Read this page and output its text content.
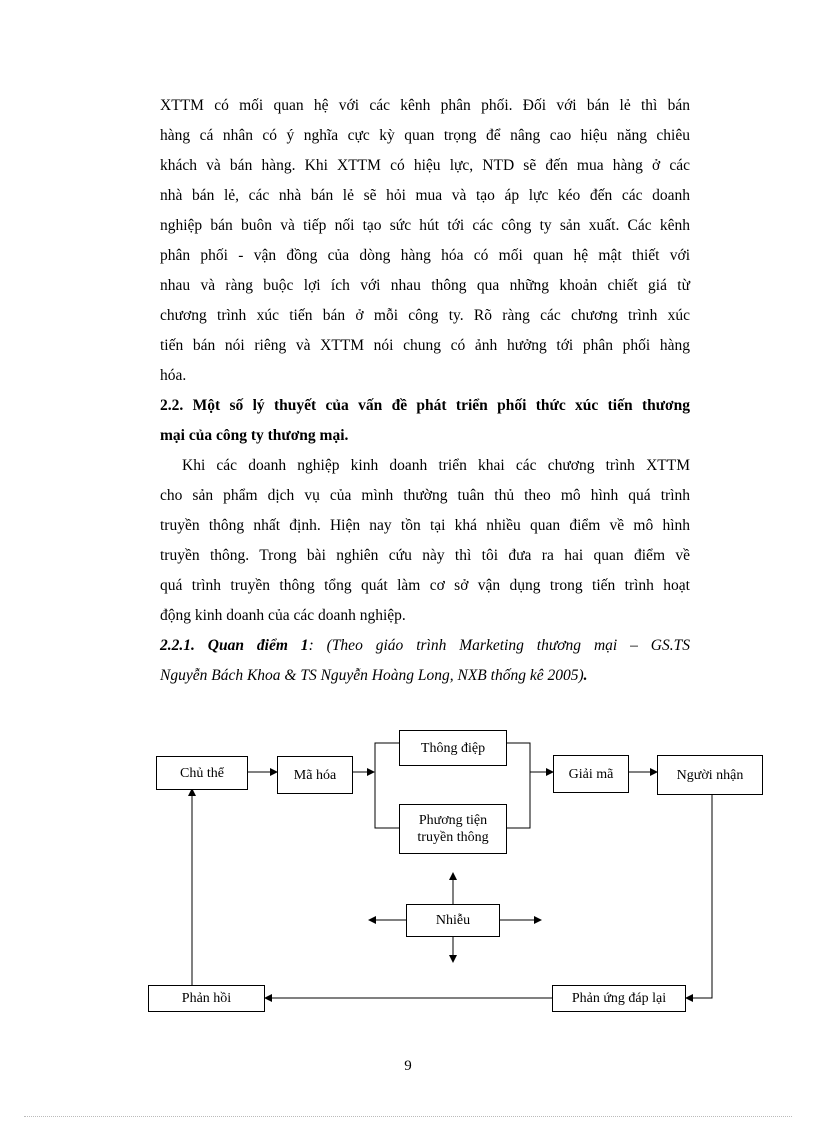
XTTM có mối quan hệ với các kênh phân phối. Đối với bán lẻ thì bán
hàng cá nhân có ý nghĩa cực kỳ quan trọng để nâng cao hiệu năng chiêu
khách và bán hàng. Khi XTTM có hiệu lực, NTD sẽ đến mua hàng ở các
nhà bán lẻ, các nhà bán lẻ sẽ hỏi mua và tạo áp lực kéo đến các doanh
nghiệp bán buôn và tiếp nối tạo sức hút tới các công ty sản xuất. Các kênh
phân phối - vận đồng của dòng hàng hóa có mối quan hệ mật thiết với
nhau và ràng buộc lợi ích với nhau thông qua những khoản chiết giá từ
chương trình xúc tiến bán ở mỗi công ty. Rõ ràng các chương trình xúc
tiến bán nói riêng và XTTM nói chung có ảnh hưởng tới phân phối hàng
hóa.
2.2. Một số lý thuyết của vấn đề phát triển phối thức xúc tiến thương
mại của công ty thương mại.
Khi các doanh nghiệp kinh doanh triển khai các chương trình XTTM
cho sản phẩm dịch vụ của mình thường tuân thủ theo mô hình quá trình
truyền thông nhất định. Hiện nay tồn tại khá nhiều quan điểm về mô hình
truyền thông. Trong bài nghiên cứu này thì tôi đưa ra hai quan điểm về
quá trình truyền thông tổng quát làm cơ sở vận dụng trong tiến trình hoạt
động kinh doanh của các doanh nghiệp.
2.2.1. Quan điểm 1: (Theo giáo trình Marketing thương mại – GS.TS
Nguyễn Bách Khoa & TS Nguyễn Hoàng Long, NXB thống kê 2005).
Chủ thể	Mã hóa
Thông điệp
Phương tiện
truyền thông
Giải mã	Người nhận
Nhiễu
Phản hồi	Phản ứng đáp lại
9
